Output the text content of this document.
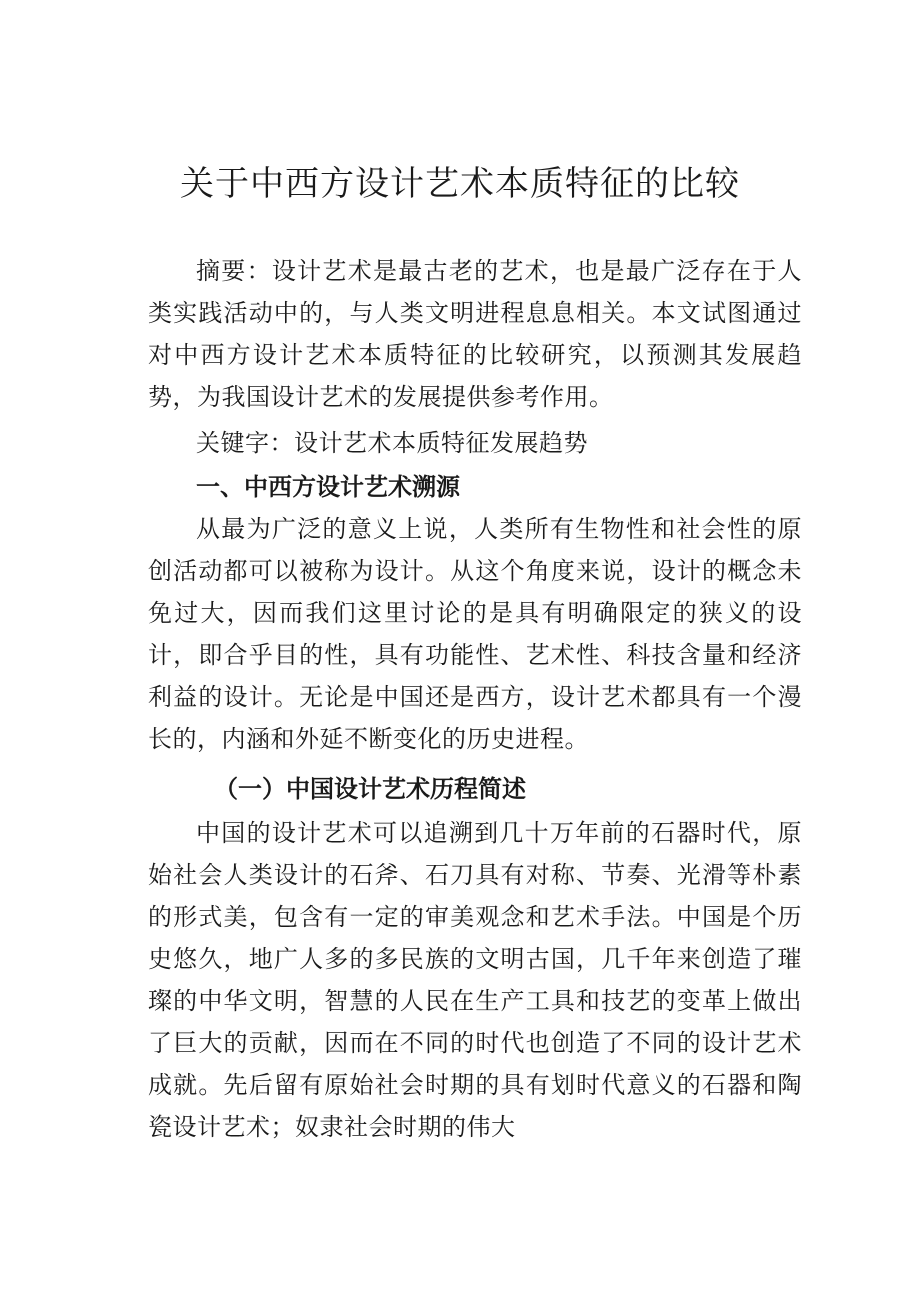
关于中西方设计艺术本质特征的比较

摘要：设计艺术是最古老的艺术，也是最广泛存在于人类实践活动中的，与人类文明进程息息相关。本文试图通过对中西方设计艺术本质特征的比较研究，以预测其发展趋势，为我国设计艺术的发展提供参考作用。

关键字：设计艺术本质特征发展趋势

一、中西方设计艺术溯源

从最为广泛的意义上说，人类所有生物性和社会性的原创活动都可以被称为设计。从这个角度来说，设计的概念未免过大，因而我们这里讨论的是具有明确限定的狭义的设计，即合乎目的性，具有功能性、艺术性、科技含量和经济利益的设计。无论是中国还是西方，设计艺术都具有一个漫长的，内涵和外延不断变化的历史进程。

（一）中国设计艺术历程简述

中国的设计艺术可以追溯到几十万年前的石器时代，原始社会人类设计的石斧、石刀具有对称、节奏、光滑等朴素的形式美，包含有一定的审美观念和艺术手法。中国是个历史悠久，地广人多的多民族的文明古国，几千年来创造了璀璨的中华文明，智慧的人民在生产工具和技艺的变革上做出了巨大的贡献，因而在不同的时代也创造了不同的设计艺术成就。先后留有原始社会时期的具有划时代意义的石器和陶瓷设计艺术；奴隶社会时期的伟大
